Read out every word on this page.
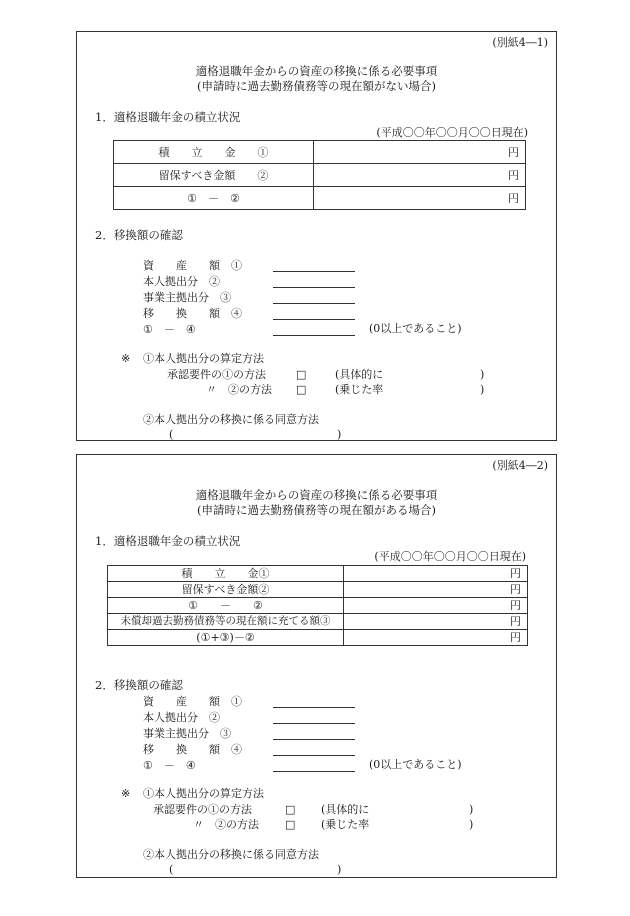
(別紙4―1)
適格退職年金からの資産の移換に係る必要事項
(申請時に過去勤務債務等の現在額がない場合)
1．適格退職年金の積立状況
(平成〇〇年〇〇月〇〇日現在)
積　　立　　金　　①	円
留保すべき金額　　②	円
①　－　②	円
2．移換額の確認
資　　産　　額　①
本人拠出分　②
事業主拠出分　③
移　　換　　額　④
①　－　④	(0以上であること)
※ ①本人拠出分の算定方法
承認要件の①の方法	□	(具体的に	)
〃　②の方法 □	(乗じた率	)
②本人拠出分の移換に係る同意方法
(	)
(別紙4―2)
適格退職年金からの資産の移換に係る必要事項
(申請時に過去勤務債務等の現在額がある場合)
1．適格退職年金の積立状況
(平成〇〇年〇〇月〇〇日現在)
積　　立　　金①	円
留保すべき金額②	円
①　　－　　②	円
未償却過去勤務債務等の現在額に充てる額③	円
(①+③)－②	円
2．移換額の確認
資　　産　　額　①
本人拠出分　②
事業主拠出分　③
移　　換　　額　④
①　－　④	(0以上であること)
※ ①本人拠出分の算定方法
承認要件の①の方法	□ (具体的に	)
〃　②の方法 □ (乗じた率	)
②本人拠出分の移換に係る同意方法
(	)
